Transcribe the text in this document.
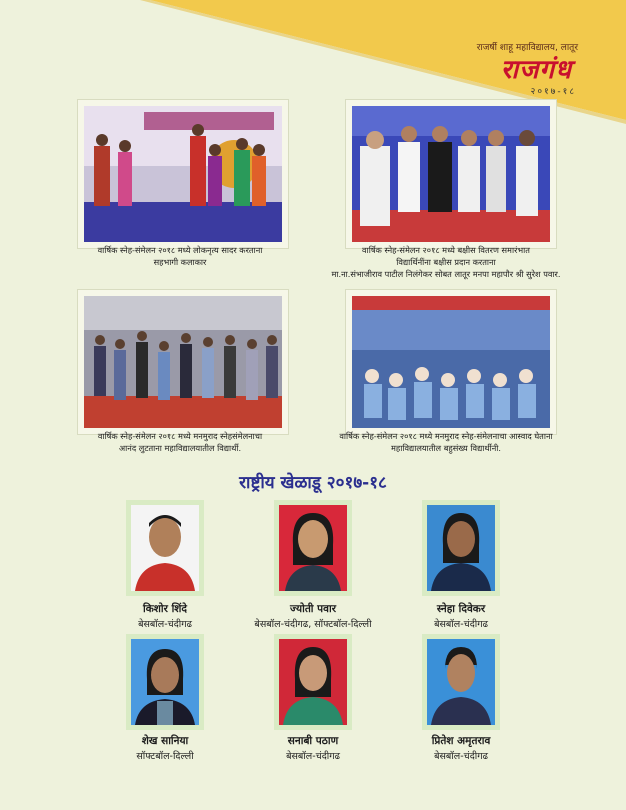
राजर्षी शाहू महाविद्यालय, लातूर
राजगंध
२०१७-१८
वार्षिक स्नेह-संमेलन २०१८ मध्ये लोकनृत्य सादर करताना
सहभागी कलाकार
वार्षिक स्नेह-संमेलन २०१८ मध्ये बक्षीस वितरण समारंभात
विद्यार्थिनींना बक्षीस प्रदान करताना
मा.ना.संभाजीराव पाटील निलंगेकर सोबत लातूर मनपा महापौर श्री सुरेश पवार.
वार्षिक स्नेह-संमेलन २०१८ मध्ये मनमुराद स्नेहसंमेलनाचा
आनंद लुटताना महाविद्यालयातील विद्यार्थी.
वार्षिक स्नेह-संमेलन २०१८ मध्ये मनमुराद स्नेह-संमेलनाचा आस्वाद घेताना
महाविद्यालयातील बहुसंख्य विद्यार्थीनी.
राष्ट्रीय खेळाडू २०१७-१८
किशोर शिंदे
बेसबॉल-चंदीगढ
ज्योती पवार
बेसबॉल-चंदीगढ, सॉफ्टबॉल-दिल्ली
स्नेहा दिवेकर
बेसबॉल-चंदीगढ
शेख सानिया
सॉफ्टबॉल-दिल्ली
सनाबी पठाण
बेसबॉल-चंदीगढ
प्रितेश अमृतराव
बेसबॉल-चंदीगढ
